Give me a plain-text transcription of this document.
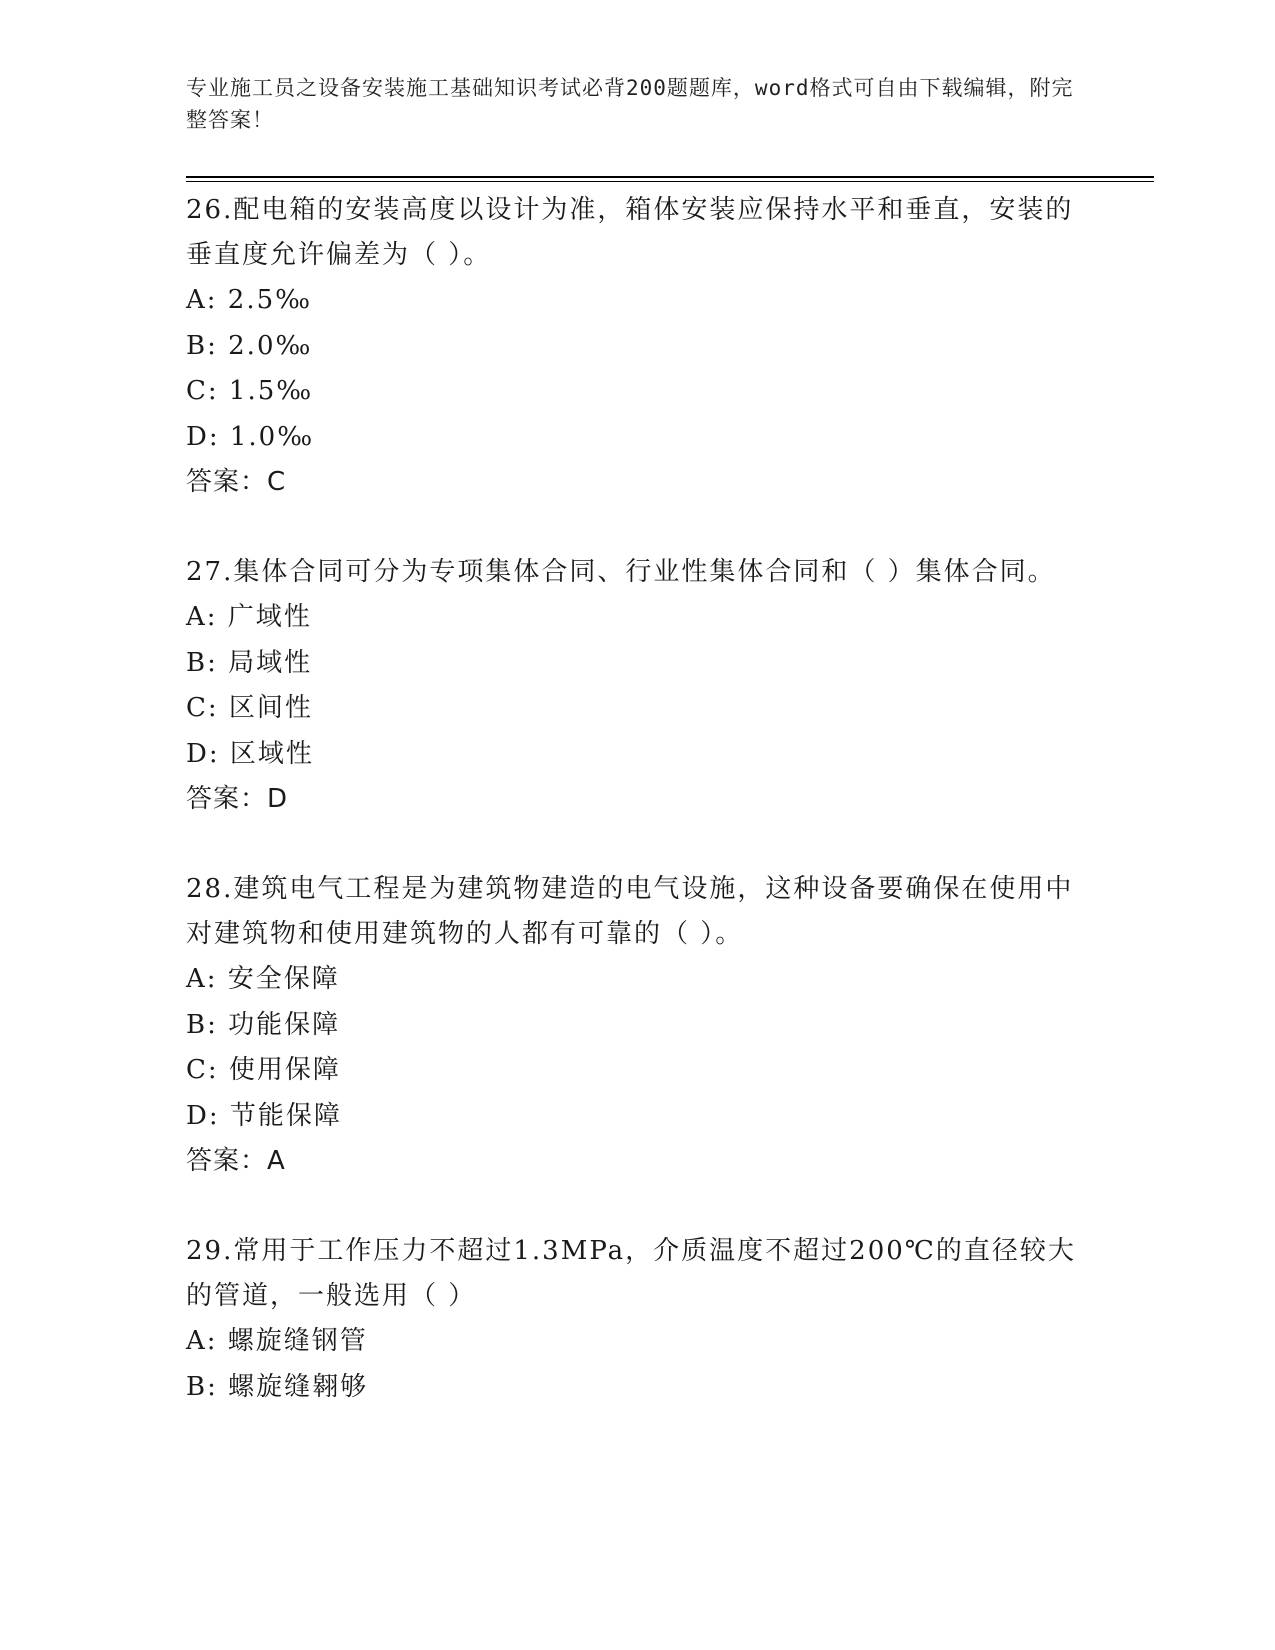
专业施工员之设备安装施工基础知识考试必背200题题库，word格式可自由下载编辑，附完整答案！
26.配电箱的安装高度以设计为准，箱体安装应保持水平和垂直，安装的垂直度允许偏差为（ ）。
A: 2.5‰
B: 2.0‰
C: 1.5‰
D: 1.0‰
答案：C
27.集体合同可分为专项集体合同、行业性集体合同和（ ）集体合同。
A: 广域性
B: 局域性
C: 区间性
D: 区域性
答案：D
28.建筑电气工程是为建筑物建造的电气设施，这种设备要确保在使用中对建筑物和使用建筑物的人都有可靠的（ ）。
A: 安全保障
B: 功能保障
C: 使用保障
D: 节能保障
答案：A
29.常用于工作压力不超过1.3MPa，介质温度不超过200℃的直径较大的管道，一般选用（ ）
A: 螺旋缝钢管
B: 螺旋缝翱够
